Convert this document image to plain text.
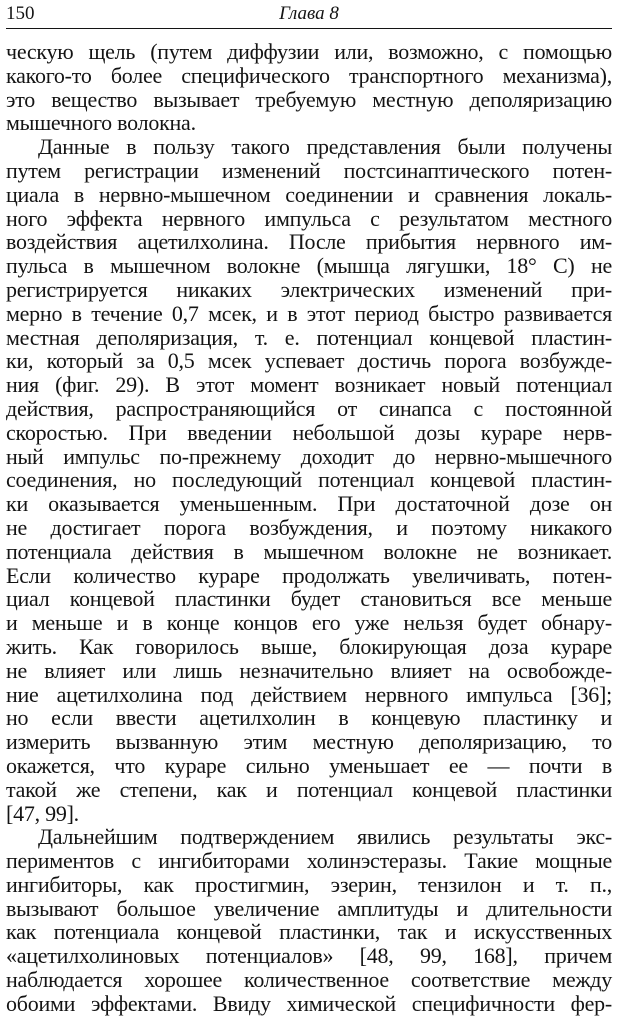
150	Глава 8
ческую щель (путем диффузии или, возможно, с помощью
какого-то более специфического транспортного механизма),
это вещество вызывает требуемую местную деполяризацию
мышечного волокна.
Данные в пользу такого представления были получены
путем регистрации изменений постсинаптического потен-
циала в нервно-мышечном соединении и сравнения локаль-
ного эффекта нервного импульса с результатом местного
воздействия ацетилхолина. После прибытия нервного им-
пульса в мышечном волокне (мышца лягушки, 18° С) не
регистрируется никаких электрических изменений при-
мерно в течение 0,7 мсек, и в этот период быстро развивается
местная деполяризация, т. е. потенциал концевой пластин-
ки, который за 0,5 мсек успевает достичь порога возбужде-
ния (фиг. 29). В этот момент возникает новый потенциал
действия, распространяющийся от синапса с постоянной
скоростью. При введении небольшой дозы кураре нерв-
ный импульс по-прежнему доходит до нервно-мышечного
соединения, но последующий потенциал концевой пластин-
ки оказывается уменьшенным. При достаточной дозе он
не достигает порога возбуждения, и поэтому никакого
потенциала действия в мышечном волокне не возникает.
Если количество кураре продолжать увеличивать, потен-
циал концевой пластинки будет становиться все меньше
и меньше и в конце концов его уже нельзя будет обнару-
жить. Как говорилось выше, блокирующая доза кураре
не влияет или лишь незначительно влияет на освобожде-
ние ацетилхолина под действием нервного импульса [36];
но если ввести ацетилхолин в концевую пластинку и
измерить вызванную этим местную деполяризацию, то
окажется, что кураре сильно уменьшает ее — почти в
такой же степени, как и потенциал концевой пластинки
[47, 99].
Дальнейшим подтверждением явились результаты экс-
периментов с ингибиторами холинэстеразы. Такие мощные
ингибиторы, как простигмин, эзерин, тензилон и т. п.,
вызывают большое увеличение амплитуды и длительности
как потенциала концевой пластинки, так и искусственных
«ацетилхолиновых потенциалов» [48, 99, 168], причем
наблюдается хорошее количественное соответствие между
обоими эффектами. Ввиду химической специфичности фер-
